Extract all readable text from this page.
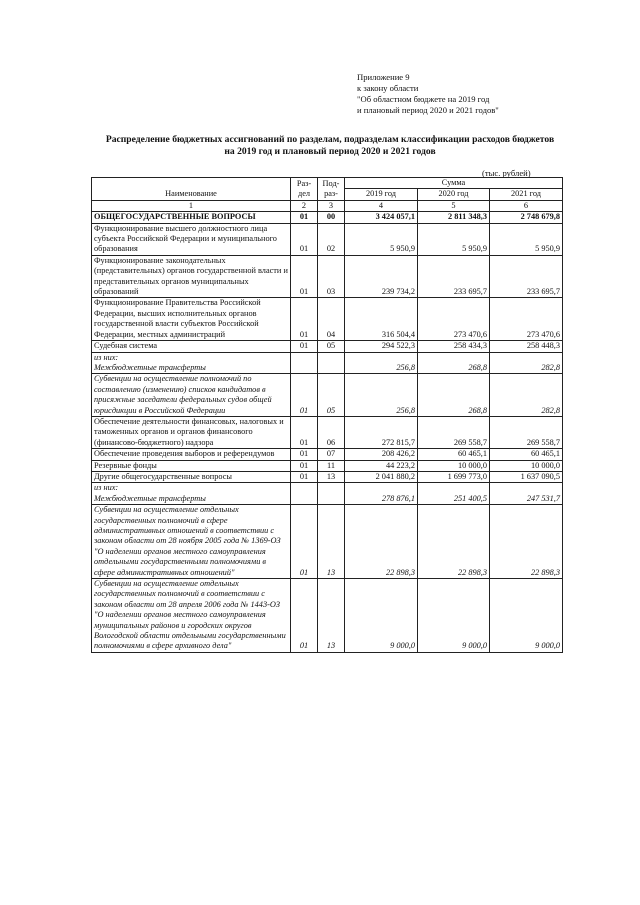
Приложение 9
к закону области
"Об областном бюджете на 2019 год
и плановый период 2020 и 2021 годов"
Распределение бюджетных ассигнований по разделам, подразделам классификации расходов бюджетов
на 2019 год и плановый период 2020 и 2021 годов
(тыс. рублей)
Наименование	Раз- дел	Под- раз-	Сумма		
			2019 год	2020 год	2021 год
1	2	3	4	5	6
ОБЩЕГОСУДАРСТВЕННЫЕ ВОПРОСЫ	01	00	3 424 057,1	2 811 348,3	2 748 679,8
Функционирование высшего должностного лица субъекта Российской Федерации и муниципального образования	01	02	5 950,9	5 950,9	5 950,9
Функционирование законодательных (представительных) органов государственной власти и представительных органов муниципальных образований	01	03	239 734,2	233 695,7	233 695,7
Функционирование Правительства Российской Федерации, высших исполнительных органов государственной власти субъектов Российской Федерации, местных администраций	01	04	316 504,4	273 470,6	273 470,6
Судебная система	01	05	294 522,3	258 434,3	258 448,3
из них:					
Межбюджетные трансферты			256,8	268,8	282,8
Субвенции на осуществление полномочий по составлению (изменению) списков кандидатов в присяжные заседатели федеральных судов общей юрисдикции в Российской Федерации	01	05	256,8	268,8	282,8
Обеспечение деятельности финансовых, налоговых и таможенных органов и органов финансового (финансово-бюджетного) надзора	01	06	272 815,7	269 558,7	269 558,7
Обеспечение проведения выборов и референдумов	01	07	208 426,2	60 465,1	60 465,1
Резервные фонды	01	11	44 223,2	10 000,0	10 000,0
Другие общегосударственные вопросы	01	13	2 041 880,2	1 699 773,0	1 637 090,5
из них:					
Межбюджетные трансферты			278 876,1	251 400,5	247 531,7
Субвенции на осуществление отдельных государственных полномочий в сфере административных отношений в соответствии с законом области от 28 ноября 2005 года № 1369-ОЗ "О наделении органов местного самоуправления отдельными государственными полномочиями в сфере административных отношений"	01	13	22 898,3	22 898,3	22 898,3
Субвенции на осуществление отдельных государственных полномочий в соответствии с законом области от 28 апреля 2006 года № 1443-ОЗ "О наделении органов местного самоуправления муниципальных районов и городских округов Вологодской области отдельными государственными полномочиями в сфере архивного дела"	01	13	9 000,0	9 000,0	9 000,0
